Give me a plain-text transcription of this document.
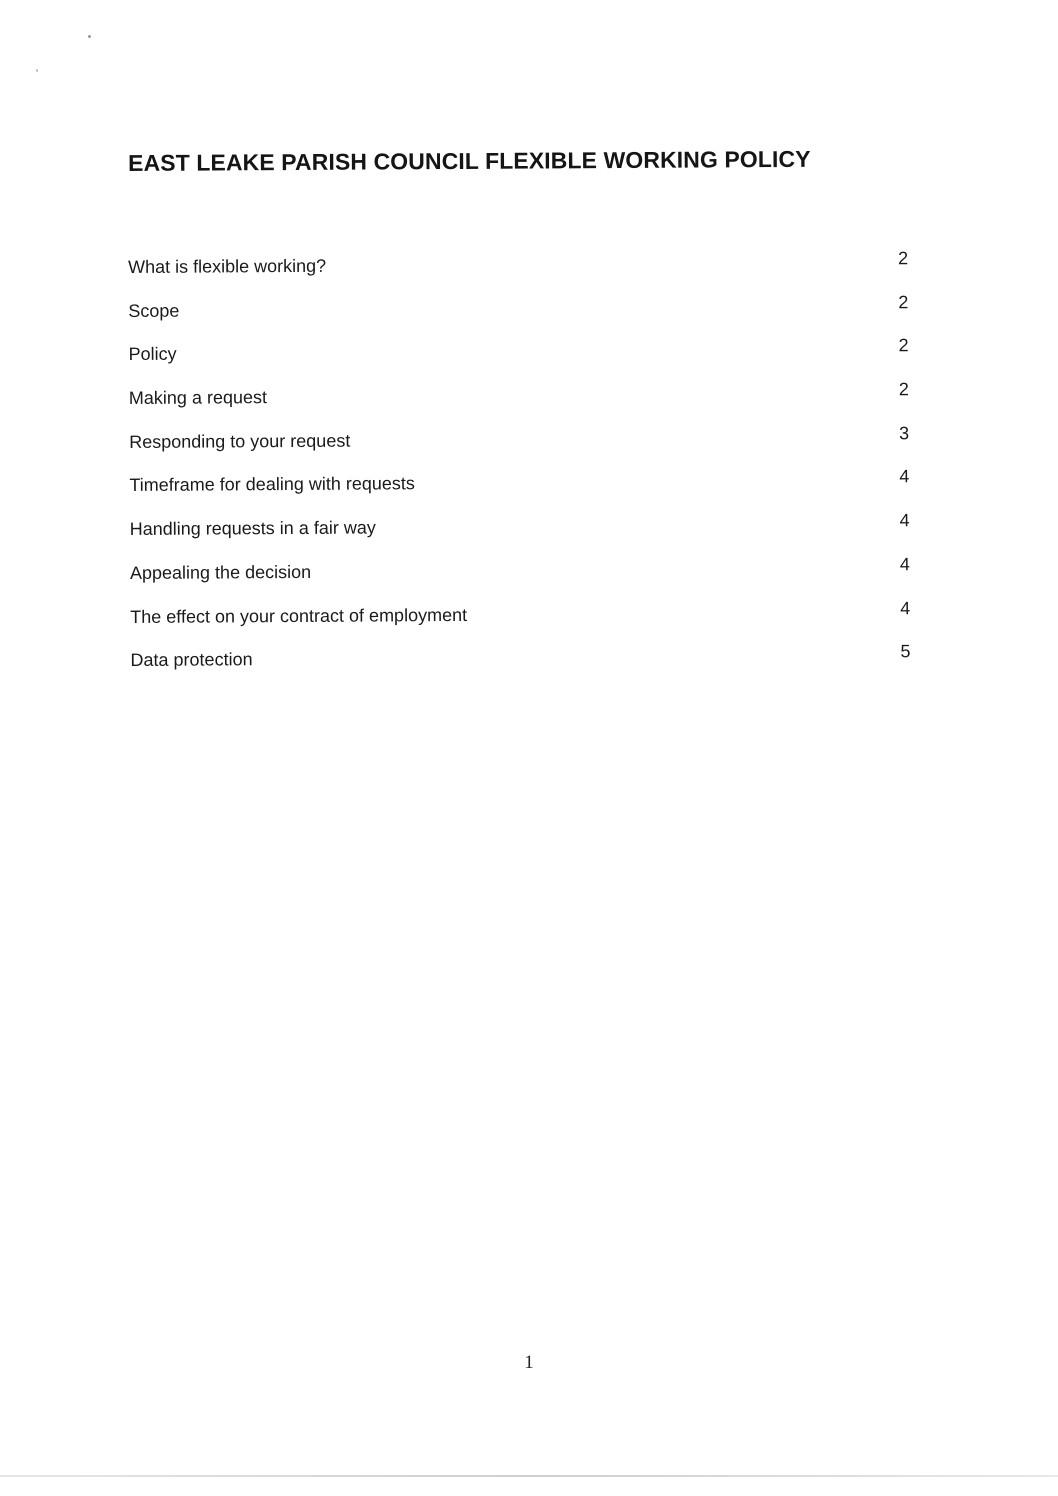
EAST LEAKE PARISH COUNCIL FLEXIBLE WORKING POLICY
What is flexible working?	2
Scope	2
Policy	2
Making a request	2
Responding to your request	3
Timeframe for dealing with requests	4
Handling requests in a fair way	4
Appealing the decision	4
The effect on your contract of employment	4
Data protection	5
1
